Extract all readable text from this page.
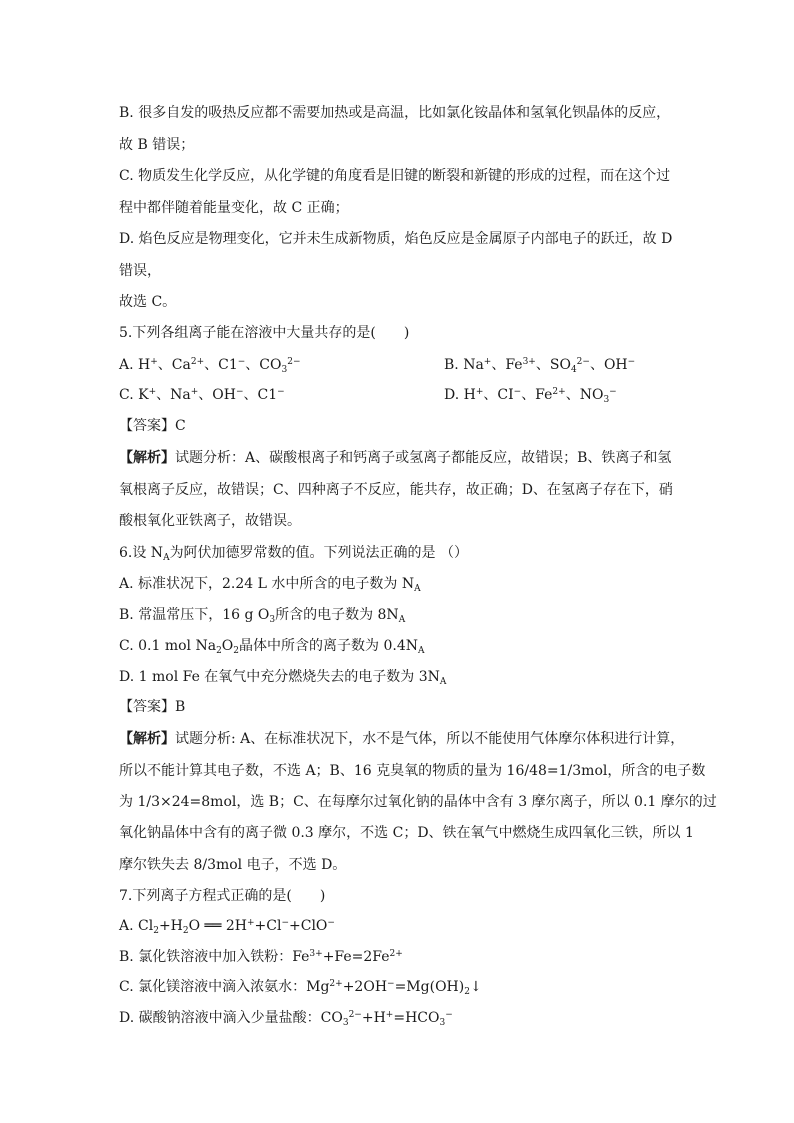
B. 很多自发的吸热反应都不需要加热或是高温，比如氯化铵晶体和氢氧化钡晶体的反应，
故 B 错误；
C. 物质发生化学反应，从化学键的角度看是旧键的断裂和新键的形成的过程，而在这个过
程中都伴随着能量变化，故 C 正确；
D. 焰色反应是物理变化，它并未生成新物质，焰色反应是金属原子内部电子的跃迁，故 D
错误，
故选 C。
5.下列各组离子能在溶液中大量共存的是(　　)
A. H+、$Ca^{2+}$、C1−、$CO_3^{2-}$	B. Na+、$Fe^{3+}$、$SO_4^{2-}$、OH−
C. K+、Na+、OH−、C1−	D. H+、CI−、$Fe^{2+}$、$NO_3^-$
【答案】C
【解析】试题分析：A、碳酸根离子和钙离子或氢离子都能反应，故错误；B、铁离子和氢
氧根离子反应，故错误；C、四种离子不反应，能共存，故正确；D、在氢离子存在下，硝
酸根氧化亚铁离子，故错误。
6.设 $N_A$为阿伏加德罗常数的值。下列说法正确的是 （）
A. 标准状况下，2.24 L 水中所含的电子数为 $N_A$
B. 常温常压下，16 g $O_3$所含的电子数为 $8N_A$
C. 0.1 mol $Na_2O_2$晶体中所含的离子数为 $0.4N_A$
D. 1 mol Fe 在氧气中充分燃烧失去的电子数为 $3N_A$
【答案】B
【解析】试题分析: A、在标准状况下，水不是气体，所以不能使用气体摩尔体积进行计算，
所以不能计算其电子数，不选 A；B、16 克臭氧的物质的量为 16/48=1/3mol，所含的电子数
为 1/3×24=8mol，选 B；C、在每摩尔过氧化钠的晶体中含有 3 摩尔离子，所以 0.1 摩尔的过
氧化钠晶体中含有的离子微 0.3 摩尔，不选 C；D、铁在氧气中燃烧生成四氧化三铁，所以 1
摩尔铁失去 8/3mol 电子，不选 D。
7.下列离子方程式正确的是(　　)
A. $Cl_2+H_2O$ ══ 2H++Cl−+ClO−
B. 氯化铁溶液中加入铁粉：$Fe^{3+}+Fe=2Fe^{2+}$
C. 氯化镁溶液中滴入浓氨水：$Mg^{2+}+2OH^-=Mg(OH)_2↓$
D. 碳酸钠溶液中滴入少量盐酸：$CO_3^{2-}+H^+=HCO_3^-$
